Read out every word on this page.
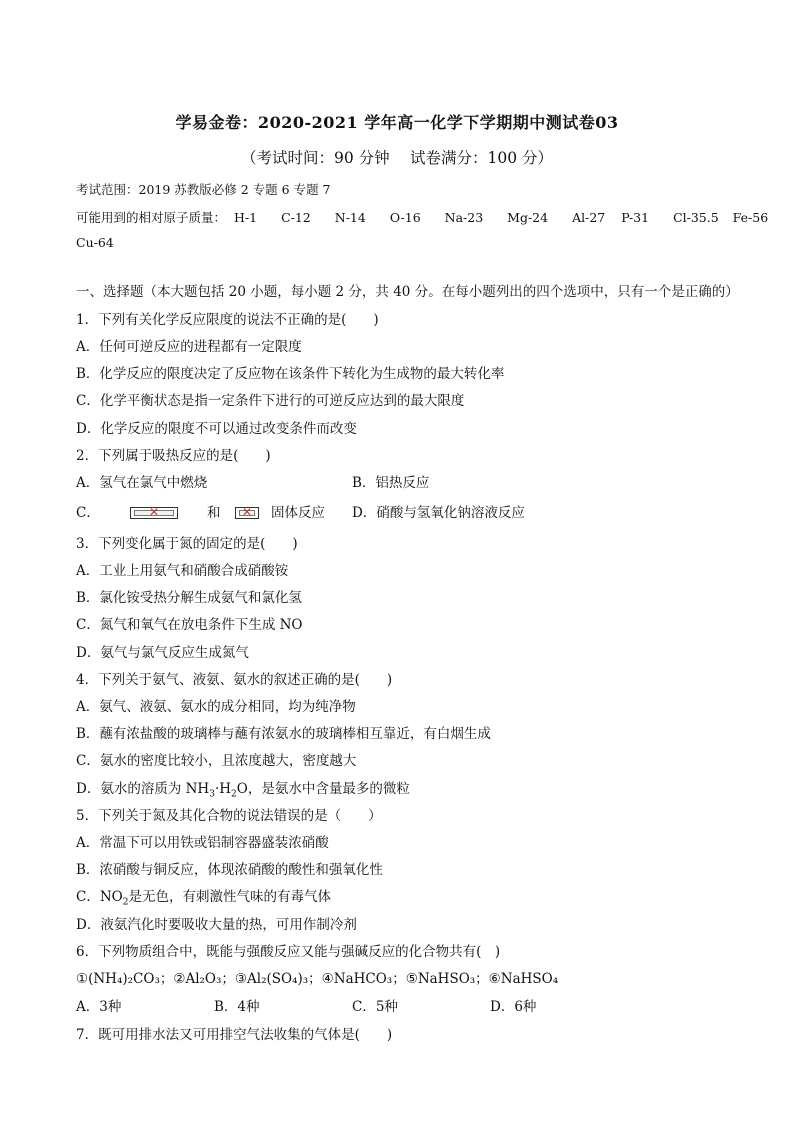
学易金卷：2020-2021 学年高一化学下学期期中测试卷03
（考试时间：90 分钟　 试卷满分：100 分）
考试范围：2019 苏教版必修 2 专题 6 专题 7
可能用到的相对原子质量： H-1 C-12 N-14 O-16 Na-23 Mg-24 Al-27 P-31 Cl-35.5 Fe-56
Cu-64
一、选择题（本大题包括 20 小题，每小题 2 分，共 40 分。在每小题列出的四个选项中，只有一个是正确的）
1．下列有关化学反应限度的说法不正确的是(　　)
A．任何可逆反应的进程都有一定限度
B．化学反应的限度决定了反应物在该条件下转化为生成物的最大转化率
C．化学平衡状态是指一定条件下进行的可逆反应达到的最大限度
D．化学反应的限度不可以通过改变条件而改变
2．下列属于吸热反应的是(　　)
A．氢气在氯气中燃烧	B．铝热反应
C．	✕	和	✕	固体反应 D．硝酸与氢氧化钠溶液反应
3．下列变化属于氮的固定的是(　　)
A．工业上用氨气和硝酸合成硝酸铵
B．氯化铵受热分解生成氨气和氯化氢
C．氮气和氧气在放电条件下生成 NO
D．氨气与氯气反应生成氮气
4．下列关于氨气、液氨、氨水的叙述正确的是(　　)
A．氨气、液氨、氨水的成分相同，均为纯净物
B．蘸有浓盐酸的玻璃棒与蘸有浓氨水的玻璃棒相互靠近，有白烟生成
C．氨水的密度比较小，且浓度越大，密度越大
D．氨水的溶质为 $NH_3\cdot H_2O$，是氨水中含量最多的微粒
5．下列关于氮及其化合物的说法错误的是（　　）
A．常温下可以用铁或铝制容器盛装浓硝酸
B．浓硝酸与铜反应，体现浓硝酸的酸性和强氧化性
C．$NO_2$是无色，有刺激性气味的有毒气体
D．液氨汽化时要吸收大量的热，可用作制冷剂
6．下列物质组合中，既能与强酸反应又能与强碱反应的化合物共有(　)
①(NH₄)₂CO₃；②Al₂O₃；③Al₂(SO₄)₃；④NaHCO₃；⑤NaHSO₃；⑥NaHSO₄
A．3种	B．4种	C．5种	D．6种
7．既可用排水法又可用排空气法收集的气体是(　　)
